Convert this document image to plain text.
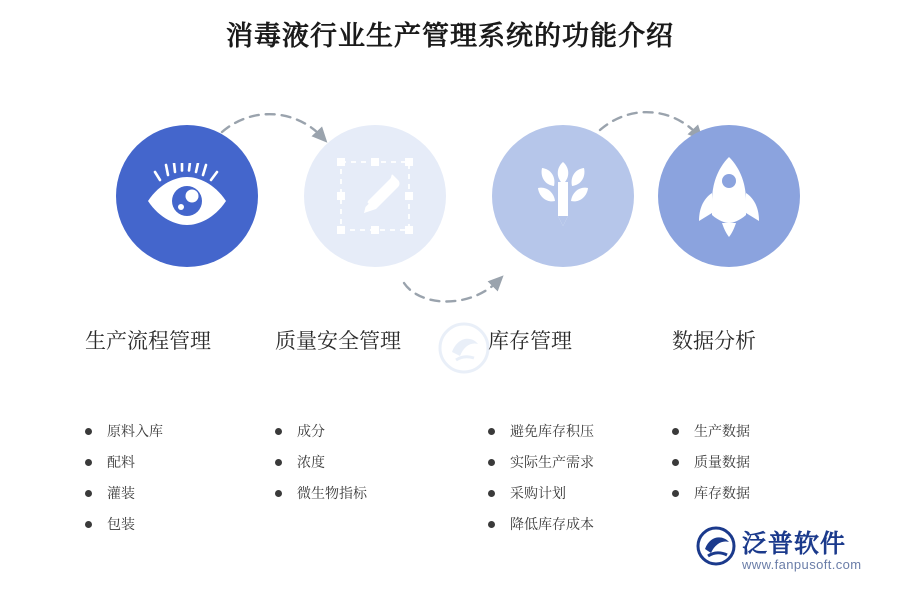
消毒液行业生产管理系统的功能介绍
生产流程管理
原料入库
配料
灌装
包装
质量安全管理
成分
浓度
微生物指标
库存管理
避免库存积压
实际生产需求
采购计划
降低库存成本
数据分析
生产数据
质量数据
库存数据
泛普软件
www.fanpusoft.com
